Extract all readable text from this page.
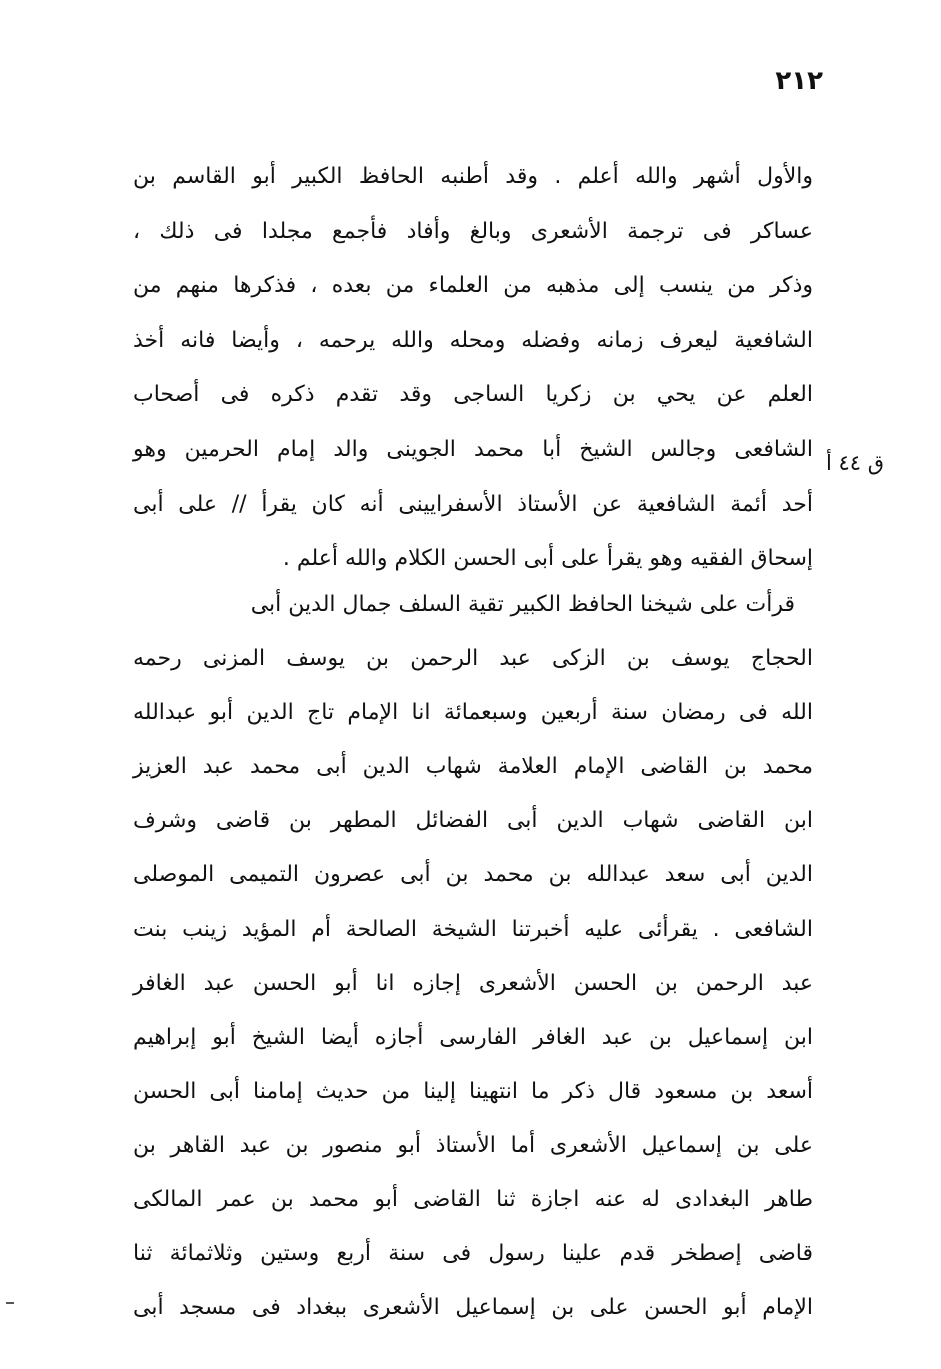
٢١٢
ق ٤٤ أ
والأول أشهر والله أعلم . وقد أطنبه الحافظ الكبير أبو القاسم بن
عساكر فى ترجمة الأشعرى وبالغ وأفاد فأجمع مجلدا فى ذلك ،
وذكر من ينسب إلى مذهبه من العلماء من بعده ، فذكرها منهم من
الشافعية ليعرف زمانه وفضله ومحله والله يرحمه ، وأيضا فانه أخذ
العلم عن يحي بن زكريا الساجى وقد تقدم ذكره فى أصحاب
الشافعى وجالس الشيخ أبا محمد الجوينى والد إمام الحرمين وهو
أحد أئمة الشافعية عن الأستاذ الأسفرايينى أنه كان يقرأ // على أبى
إسحاق الفقيه وهو يقرأ على أبى الحسن الكلام والله أعلم .
قرأت على شيخنا الحافظ الكبير تقية السلف جمال الدين أبى
الحجاج يوسف بن الزكى عبد الرحمن بن يوسف المزنى رحمه
الله فى رمضان سنة أربعين وسبعمائة انا الإمام تاج الدين أبو عبدالله
محمد بن القاضى الإمام العلامة شهاب الدين أبى محمد عبد العزيز
ابن القاضى شهاب الدين أبى الفضائل المطهر بن قاضى وشرف
الدين أبى سعد عبدالله بن محمد بن أبى عصرون التميمى الموصلى
الشافعى . يقرأئى عليه أخبرتنا الشيخة الصالحة أم المؤيد زينب بنت
عبد الرحمن بن الحسن الأشعرى إجازه انا أبو الحسن عبد الغافر
ابن إسماعيل بن عبد الغافر الفارسى أجازه أيضا الشيخ أبو إبراهيم
أسعد بن مسعود قال ذكر ما انتهينا إلينا من حديث إمامنا أبى الحسن
على بن إسماعيل الأشعرى أما الأستاذ أبو منصور بن عبد القاهر بن
طاهر البغدادى له عنه اجازة ثنا القاضى أبو محمد بن عمر المالكى
قاضى إصطخر قدم علينا رسول فى سنة أربع وستين وثلاثمائة ثنا
الإمام أبو الحسن على بن إسماعيل الأشعرى ببغداد فى مسجد أبى
